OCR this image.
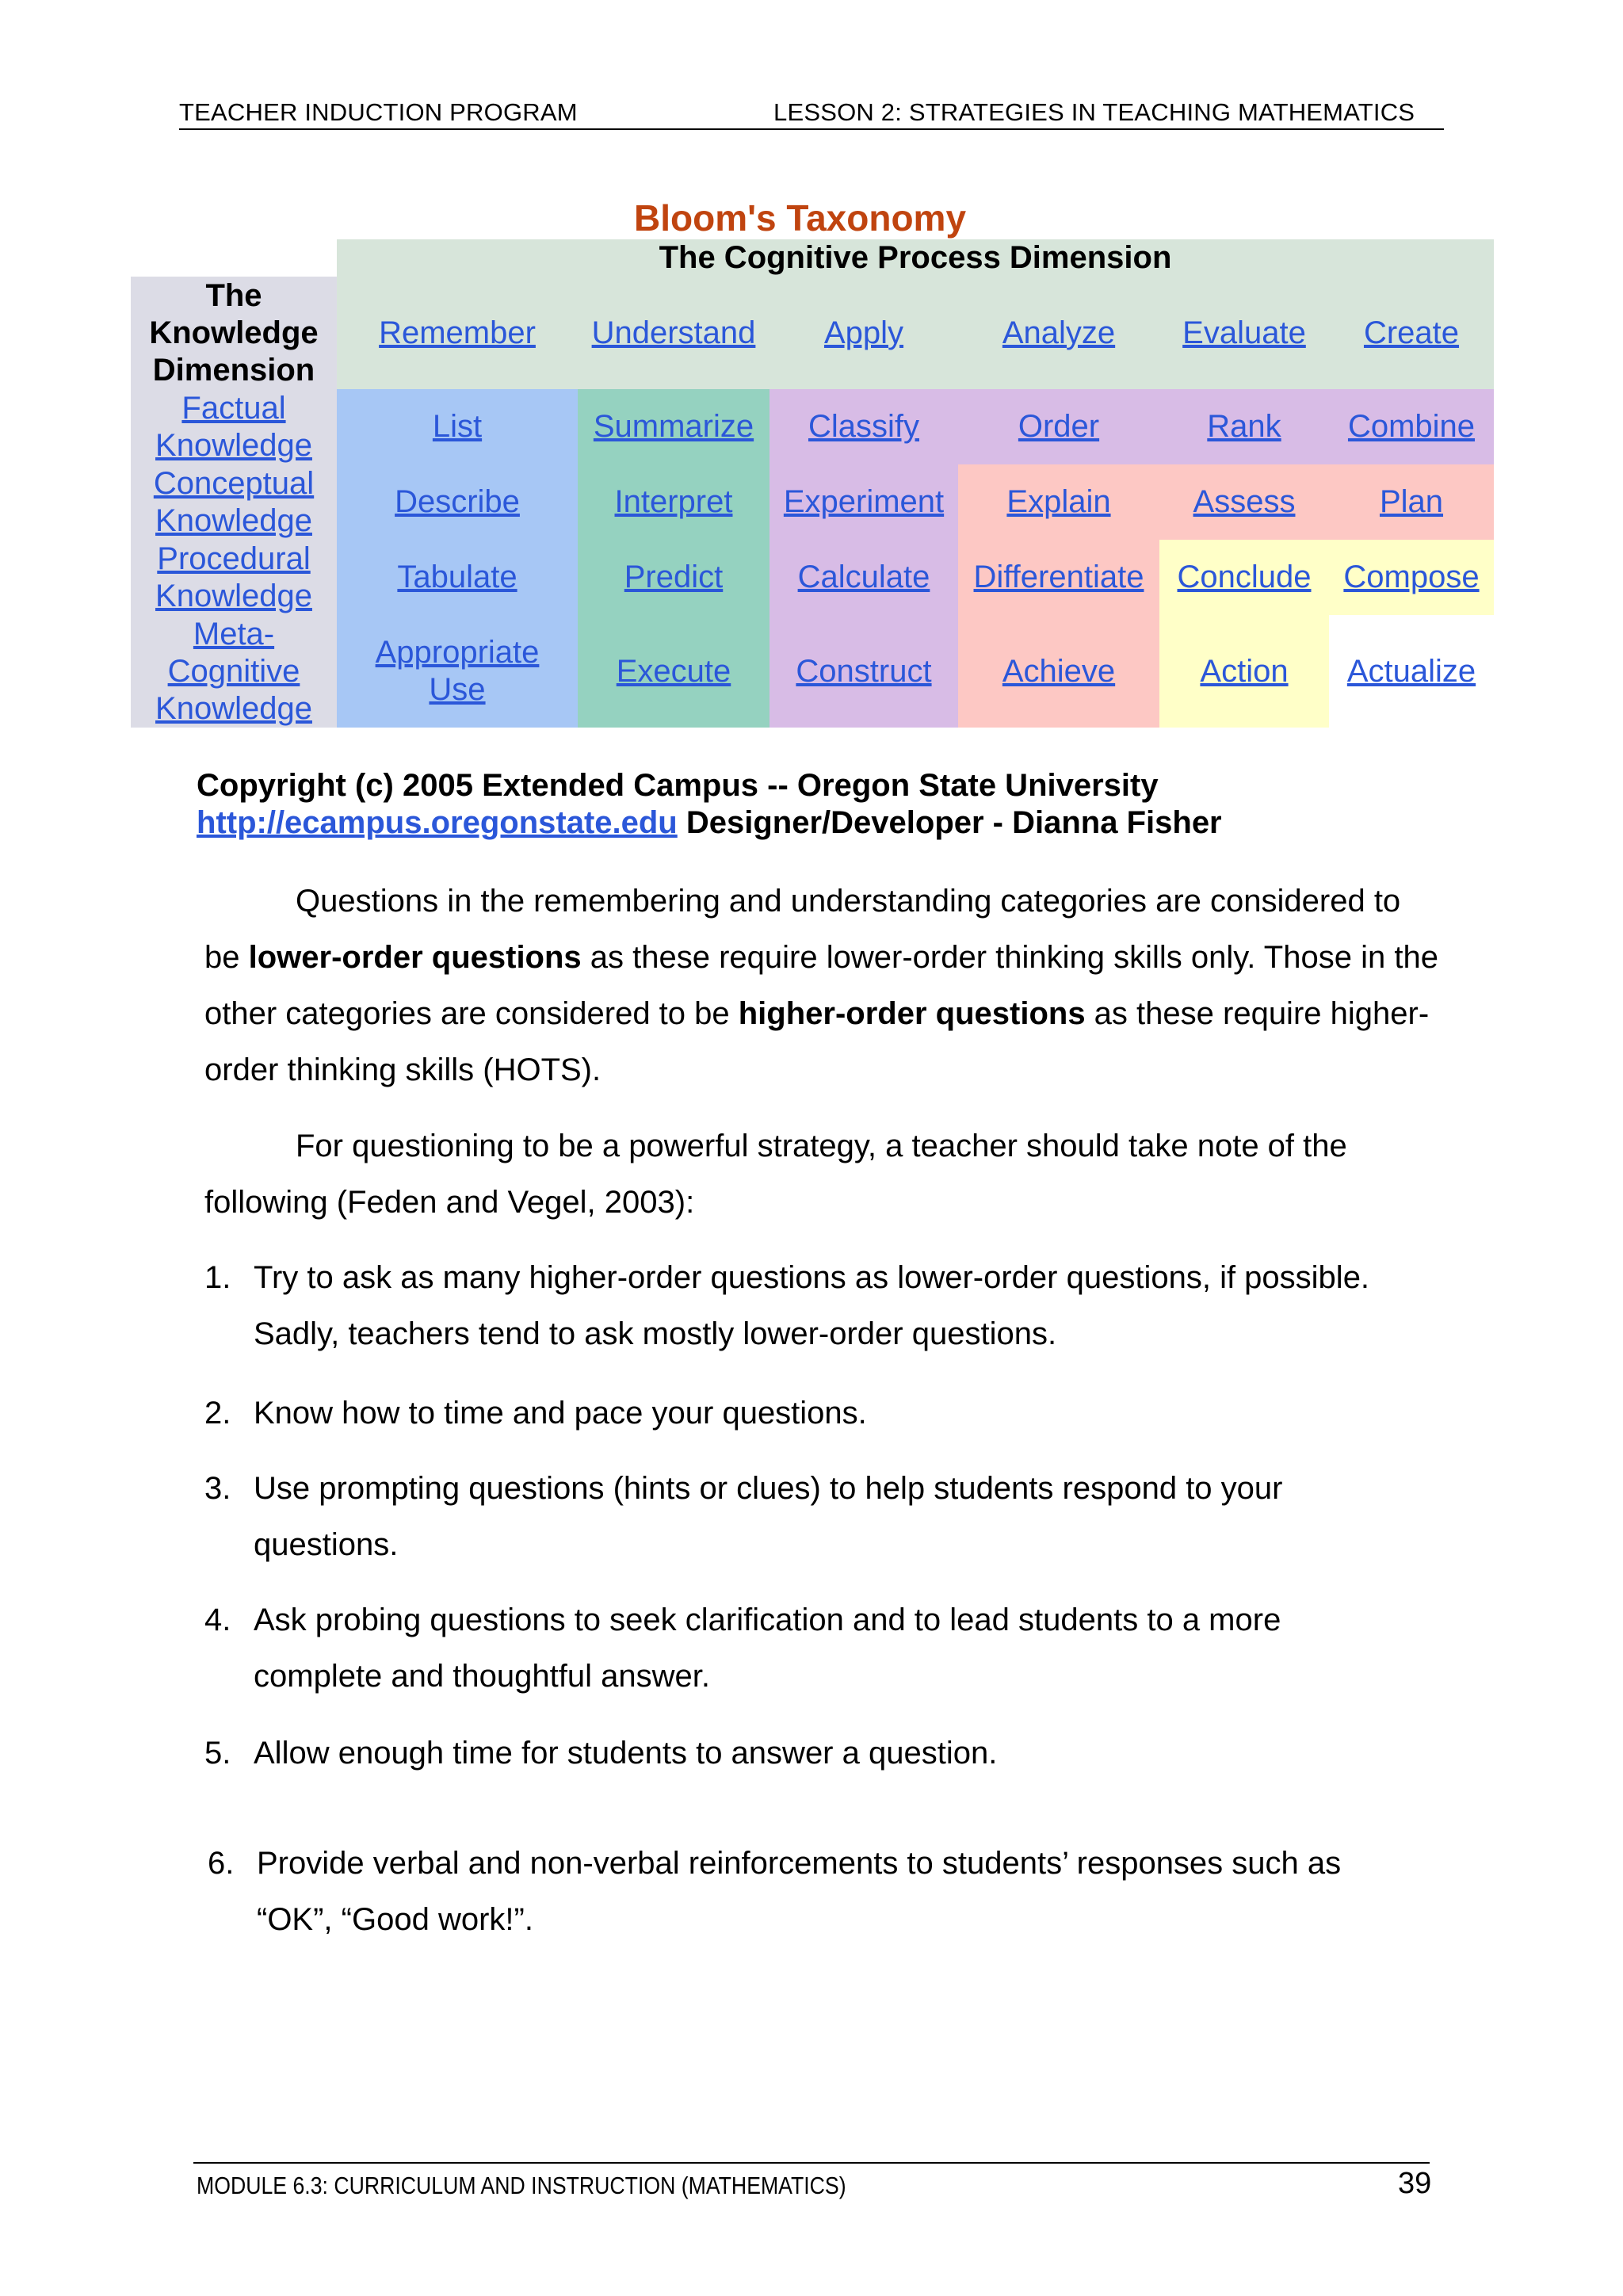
TEACHER INDUCTION PROGRAM	LESSON 2: STRATEGIES IN TEACHING MATHEMATICS
Bloom's Taxonomy
	The Cognitive Process Dimension					

The
Knowledge
Dimension	Remember	Understand	Apply	Analyze	Evaluate	Create

Factual
Knowledge	List	Summarize	Classify	Order	Rank	Combine

Conceptual
Knowledge	Describe	Interpret	Experiment	Explain	Assess	Plan

Procedural
Knowledge	Tabulate	Predict	Calculate	Differentiate	Conclude	Compose

Meta-
Cognitive
Knowledge	Appropriate Use	Execute	Construct	Achieve	Action	Actualize
Copyright (c) 2005 Extended Campus -- Oregon State University
http://ecampus.oregonstate.edu Designer/Developer - Dianna Fisher
Questions in the remembering and understanding categories are considered to be lower-order questions as these require lower-order thinking skills only. Those in the other categories are considered to be higher-order questions as these require higher-order thinking skills (HOTS).
For questioning to be a powerful strategy, a teacher should take note of the following (Feden and Vegel, 2003):
1. Try to ask as many higher-order questions as lower-order questions, if possible.
Sadly, teachers tend to ask mostly lower-order questions.
2. Know how to time and pace your questions.
3. Use prompting questions (hints or clues) to help students respond to your
questions.
4. Ask probing questions to seek clarification and to lead students to a more
complete and thoughtful answer.
5. Allow enough time for students to answer a question.
6. Provide verbal and non-verbal reinforcements to students’ responses such as
“OK”, “Good work!”.
MODULE 6.3: CURRICULUM AND INSTRUCTION (MATHEMATICS)	39
